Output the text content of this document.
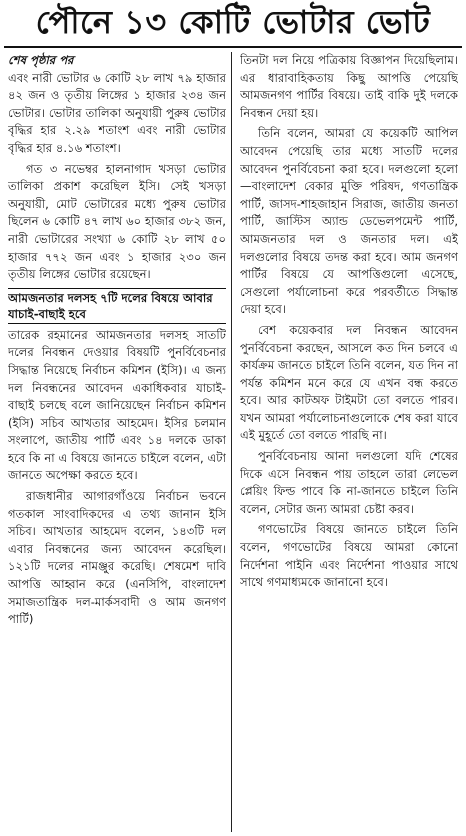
পৌনে ১৩ কোটি ভোটার ভোট

শেষ পৃষ্ঠার পর

এবং নারী ভোটার ৬ কোটি ২৮ লাখ ৭৯ হাজার ৪২ জন ও তৃতীয় লিঙ্গের ১ হাজার ২৩৪ জন ভোটার। ভোটার তালিকা অনুযায়ী পুরুষ ভোটার বৃদ্ধির হার ২.২৯ শতাংশ এবং নারী ভোটার বৃদ্ধির হার ৪.১৬ শতাংশ।

গত ৩ নভেম্বর হালনাগাদ খসড়া ভোটার তালিকা প্রকাশ করেছিল ইসি। সেই খসড়া অনুযায়ী, মোট ভোটারের মধ্যে পুরুষ ভোটার ছিলেন ৬ কোটি ৪৭ লাখ ৬০ হাজার ৩৮২ জন, নারী ভোটারের সংখ্যা ৬ কোটি ২৮ লাখ ৫০ হাজার ৭৭২ জন এবং ১ হাজার ২৩০ জন তৃতীয় লিঙ্গের ভোটার রয়েছেন।

আমজনতার দলসহ ৭টি দলের বিষয়ে আবার যাচাই-বাছাই হবে

তারেক রহমানের আমজনতার দলসহ সাতটি দলের নিবন্ধন দেওয়ার বিষয়টি পুনর্বিবেচনার সিদ্ধান্ত নিয়েছে নির্বাচন কমিশন (ইসি)। এ জন্য দল নিবন্ধনের আবেদন একাধিকবার যাচাই-বাছাই চলছে বলে জানিয়েছেন নির্বাচন কমিশন (ইসি) সচিব আখতার আহমেদ। ইসির চলমান সংলাপে, জাতীয় পার্টি এবং ১৪ দলকে ডাকা হবে কি না এ বিষয়ে জানতে চাইলে বলেন, এটা জানতে অপেক্ষা করতে হবে।

রাজধানীর আগারগাঁওয়ে নির্বাচন ভবনে গতকাল সাংবাদিকদের এ তথ্য জানান ইসি সচিব। আখতার আহমেদ বলেন, ১৪৩টি দল এবার নিবন্ধনের জন্য আবেদন করেছিল। ১২১টি দলের নামঞ্জুর করেছি। শেষমেশ দাবি আপত্তি আহ্বান করে (এনসিপি, বাংলাদেশ সমাজতান্ত্রিক দল-মার্কসবাদী ও আম জনগণ পার্টি)

তিনটা দল নিয়ে পত্রিকায় বিজ্ঞাপন দিয়েছিলাম। এর ধারাবাহিকতায় কিছু আপত্তি পেয়েছি আমজনগণ পার্টির বিষয়ে। তাই বাকি দুই দলকে নিবন্ধন দেয়া হয়।

তিনি বলেন, আমরা যে কয়েকটি আপিল আবেদন পেয়েছি তার মধ্যে সাতটি দলের আবেদন পুনর্বিবেচনা করা হবে। দলগুলো হলো—বাংলাদেশ বেকার মুক্তি পরিষদ, গণতান্ত্রিক পার্টি, জাসদ-শাহজাহান সিরাজ, জাতীয় জনতা পার্টি, জাস্টিস অ্যান্ড ডেভেলপমেন্ট পার্টি, আমজনতার দল ও জনতার দল। এই দলগুলোর বিষয়ে তদন্ত করা হবে। আম জনগণ পার্টির বিষয়ে যে আপত্তিগুলো এসেছে, সেগুলো পর্যালোচনা করে পরবর্তীতে সিদ্ধান্ত দেয়া হবে।

বেশ কয়েকবার দল নিবন্ধন আবেদন পুনর্বিবেচনা করছেন, আসলে কত দিন চলবে এ কার্যক্রম জানতে চাইলে তিনি বলেন, যত দিন না পর্যন্ত কমিশন মনে করে যে এখন বন্ধ করতে হবে। আর কাটঅফ টাইমটা তো বলতে পারব। যখন আমরা পর্যালোচনাগুলোকে শেষ করা যাবে এই মুহূর্তে তো বলতে পারছি না।

পুনর্বিবেচনায় আনা দলগুলো যদি শেষের দিকে এসে নিবন্ধন পায় তাহলে তারা লেভেল প্লেয়িং ফিল্ড পাবে কি না-জানতে চাইলে তিনি বলেন, সেটার জন্য আমরা চেষ্টা করব।

গণভোটের বিষয়ে জানতে চাইলে তিনি বলেন, গণভোটের বিষয়ে আমরা কোনো নির্দেশনা পাইনি এবং নির্দেশনা পাওয়ার সাথে সাথে গণমাধ্যমকে জানানো হবে।
